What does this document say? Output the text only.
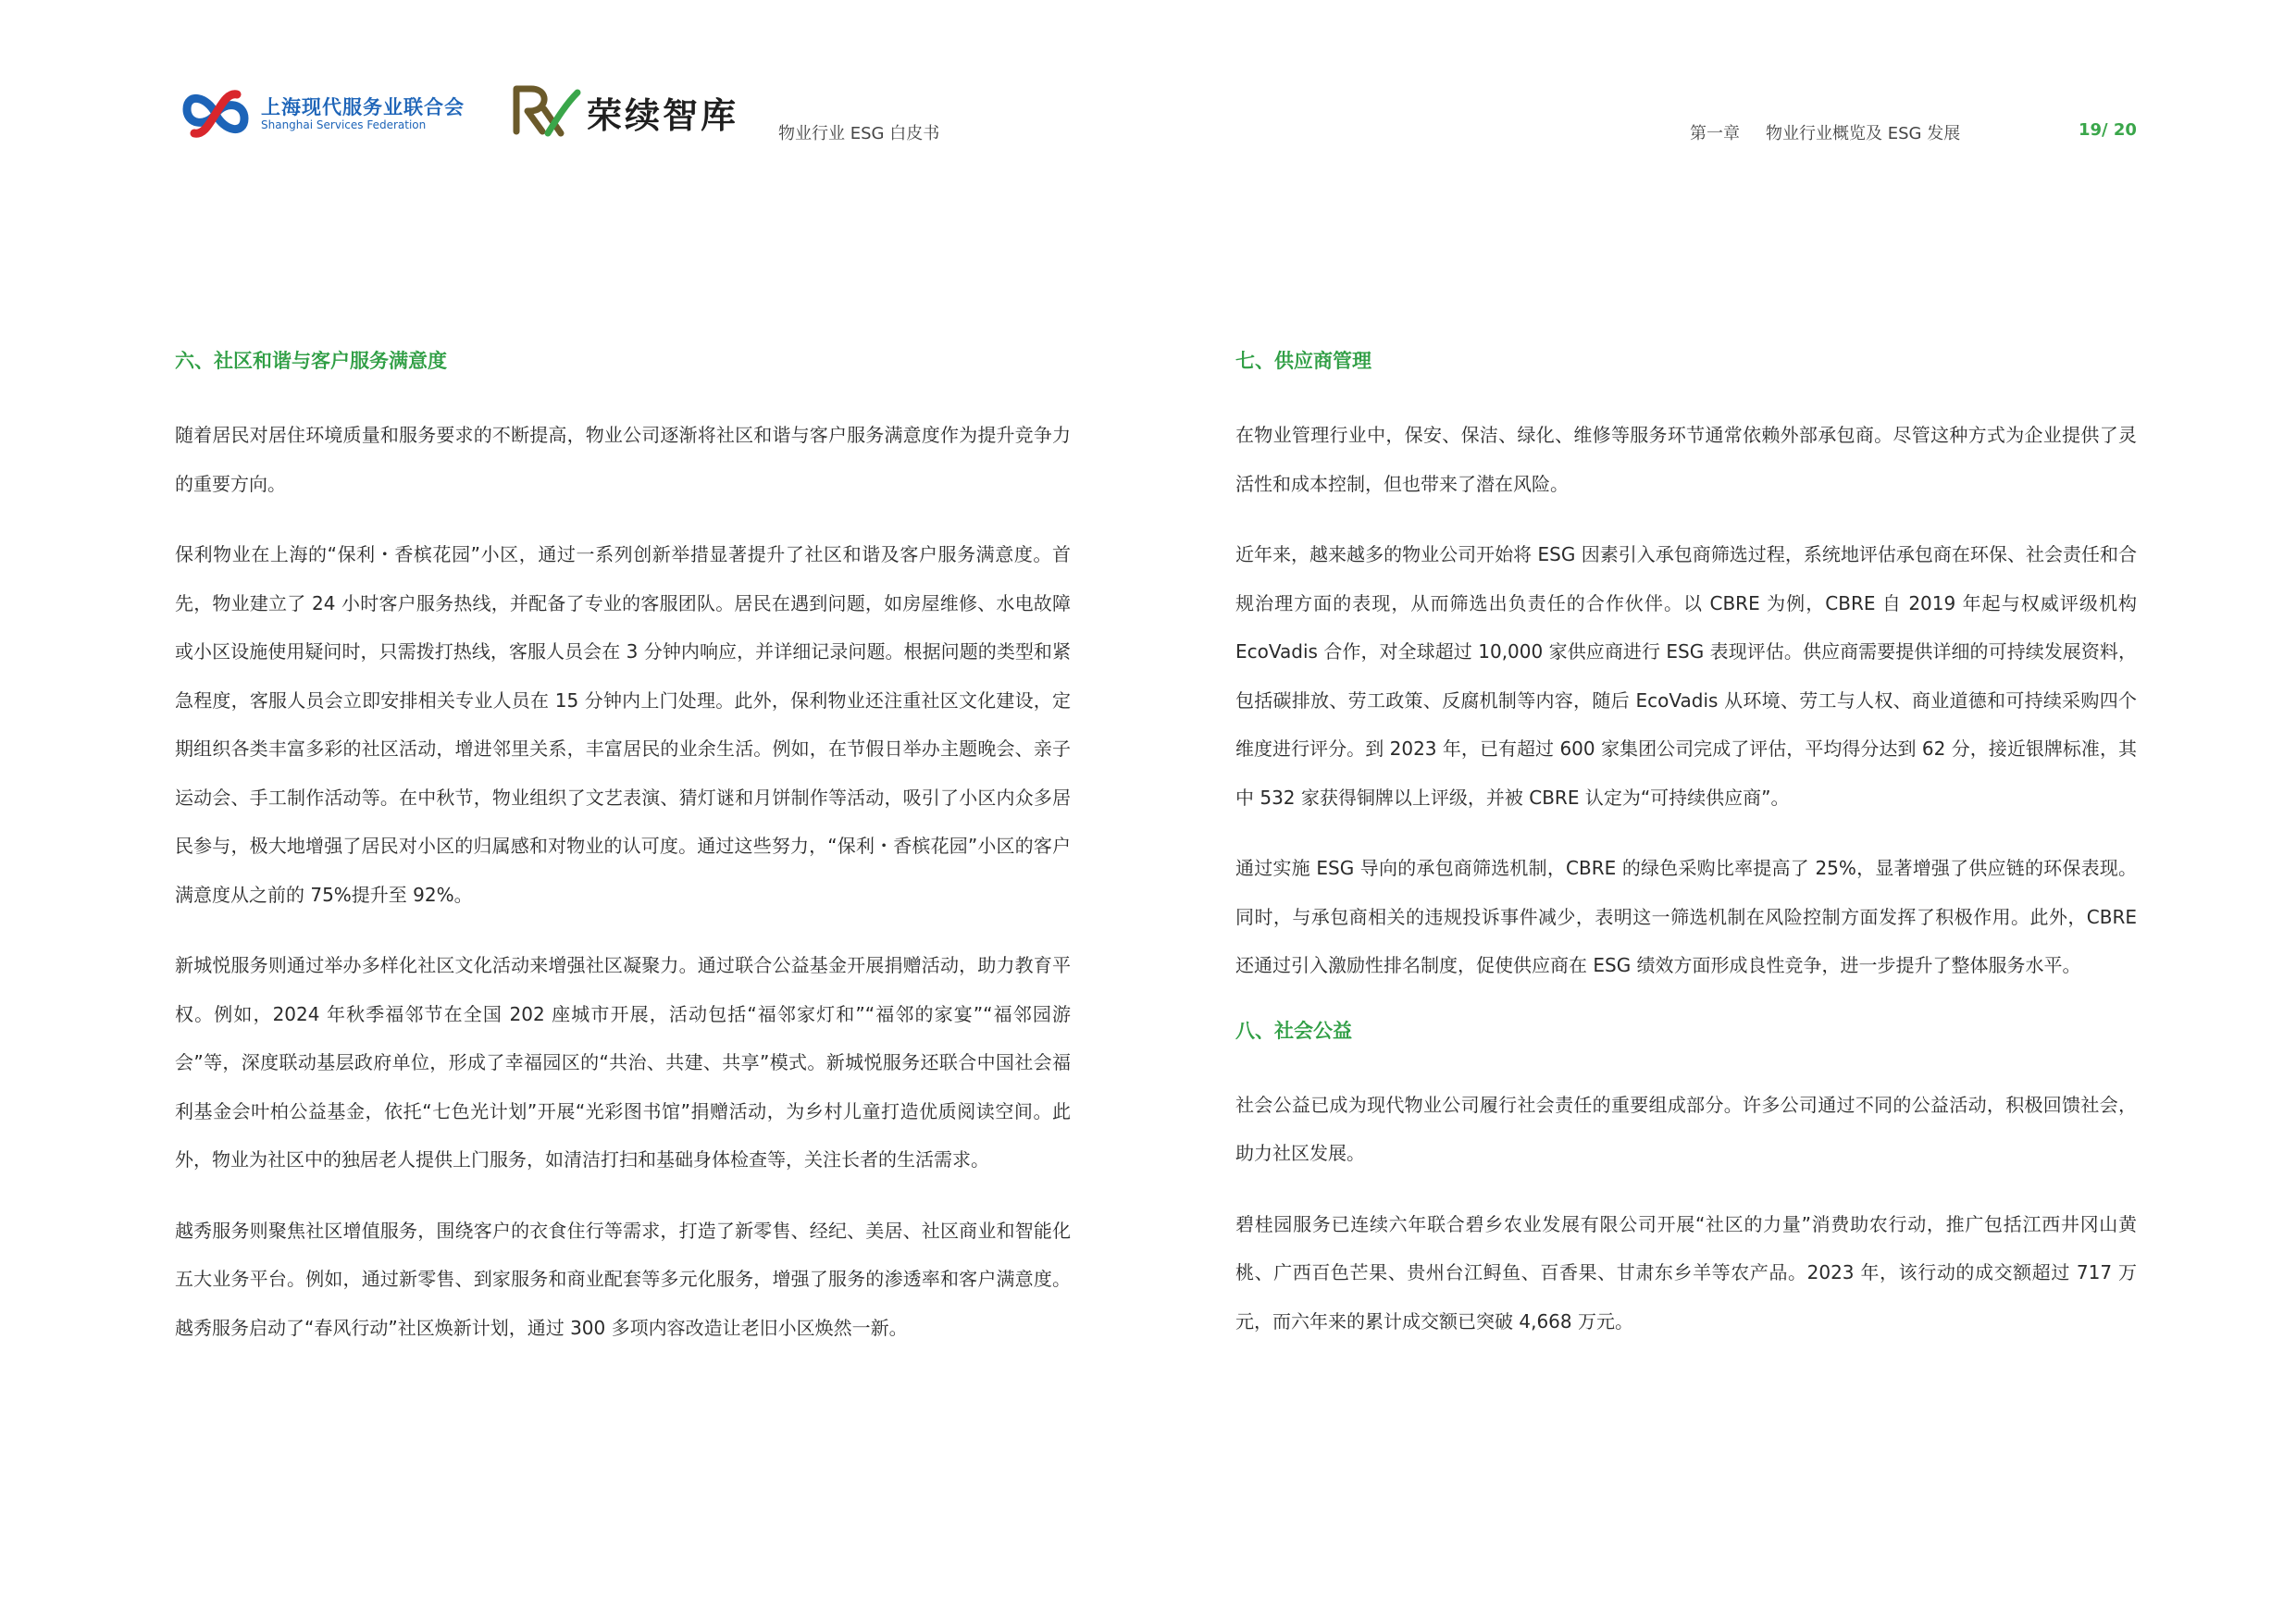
上海现代服务业联合会
Shanghai Services Federation	荣续智库 物业行业 ESG 白皮书	第一章 物业行业概览及 ESG 发展	19/ 20
六、社区和谐与客户服务满意度

随着居民对居住环境质量和服务要求的不断提高，物业公司逐渐将社区和谐与客户服务满意度作为提升竞争力的重要方向。

保利物业在上海的“保利・香槟花园”小区，通过一系列创新举措显著提升了社区和谐及客户服务满意度。首先，物业建立了 24 小时客户服务热线，并配备了专业的客服团队。居民在遇到问题，如房屋维修、水电故障或小区设施使用疑问时，只需拨打热线，客服人员会在 3 分钟内响应，并详细记录问题。根据问题的类型和紧急程度，客服人员会立即安排相关专业人员在 15 分钟内上门处理。此外，保利物业还注重社区文化建设，定期组织各类丰富多彩的社区活动，增进邻里关系，丰富居民的业余生活。例如，在节假日举办主题晚会、亲子运动会、手工制作活动等。在中秋节，物业组织了文艺表演、猜灯谜和月饼制作等活动，吸引了小区内众多居民参与，极大地增强了居民对小区的归属感和对物业的认可度。通过这些努力，“保利・香槟花园”小区的客户满意度从之前的 75%提升至 92%。

新城悦服务则通过举办多样化社区文化活动来增强社区凝聚力。通过联合公益基金开展捐赠活动，助力教育平权。例如，2024 年秋季福邻节在全国 202 座城市开展，活动包括“福邻家灯和”“福邻的家宴”“福邻园游会”等，深度联动基层政府单位，形成了幸福园区的“共治、共建、共享”模式。新城悦服务还联合中国社会福利基金会叶柏公益基金，依托“七色光计划”开展“光彩图书馆”捐赠活动，为乡村儿童打造优质阅读空间。此外，物业为社区中的独居老人提供上门服务，如清洁打扫和基础身体检查等，关注长者的生活需求。

越秀服务则聚焦社区增值服务，围绕客户的衣食住行等需求，打造了新零售、经纪、美居、社区商业和智能化五大业务平台。例如，通过新零售、到家服务和商业配套等多元化服务，增强了服务的渗透率和客户满意度。越秀服务启动了“春风行动”社区焕新计划，通过 300 多项内容改造让老旧小区焕然一新。

七、供应商管理

在物业管理行业中，保安、保洁、绿化、维修等服务环节通常依赖外部承包商。尽管这种方式为企业提供了灵活性和成本控制，但也带来了潜在风险。

近年来，越来越多的物业公司开始将 ESG 因素引入承包商筛选过程，系统地评估承包商在环保、社会责任和合规治理方面的表现，从而筛选出负责任的合作伙伴。以 CBRE 为例，CBRE 自 2019 年起与权威评级机构 EcoVadis 合作，对全球超过 10,000 家供应商进行 ESG 表现评估。供应商需要提供详细的可持续发展资料，包括碳排放、劳工政策、反腐机制等内容，随后 EcoVadis 从环境、劳工与人权、商业道德和可持续采购四个维度进行评分。到 2023 年，已有超过 600 家集团公司完成了评估，平均得分达到 62 分，接近银牌标准，其中 532 家获得铜牌以上评级，并被 CBRE 认定为“可持续供应商”。

通过实施 ESG 导向的承包商筛选机制，CBRE 的绿色采购比率提高了 25%，显著增强了供应链的环保表现。同时，与承包商相关的违规投诉事件减少，表明这一筛选机制在风险控制方面发挥了积极作用。此外，CBRE 还通过引入激励性排名制度，促使供应商在 ESG 绩效方面形成良性竞争，进一步提升了整体服务水平。

八、社会公益

社会公益已成为现代物业公司履行社会责任的重要组成部分。许多公司通过不同的公益活动，积极回馈社会，助力社区发展。

碧桂园服务已连续六年联合碧乡农业发展有限公司开展“社区的力量”消费助农行动，推广包括江西井冈山黄桃、广西百色芒果、贵州台江鲟鱼、百香果、甘肃东乡羊等农产品。2023 年，该行动的成交额超过 717 万元，而六年来的累计成交额已突破 4,668 万元。
